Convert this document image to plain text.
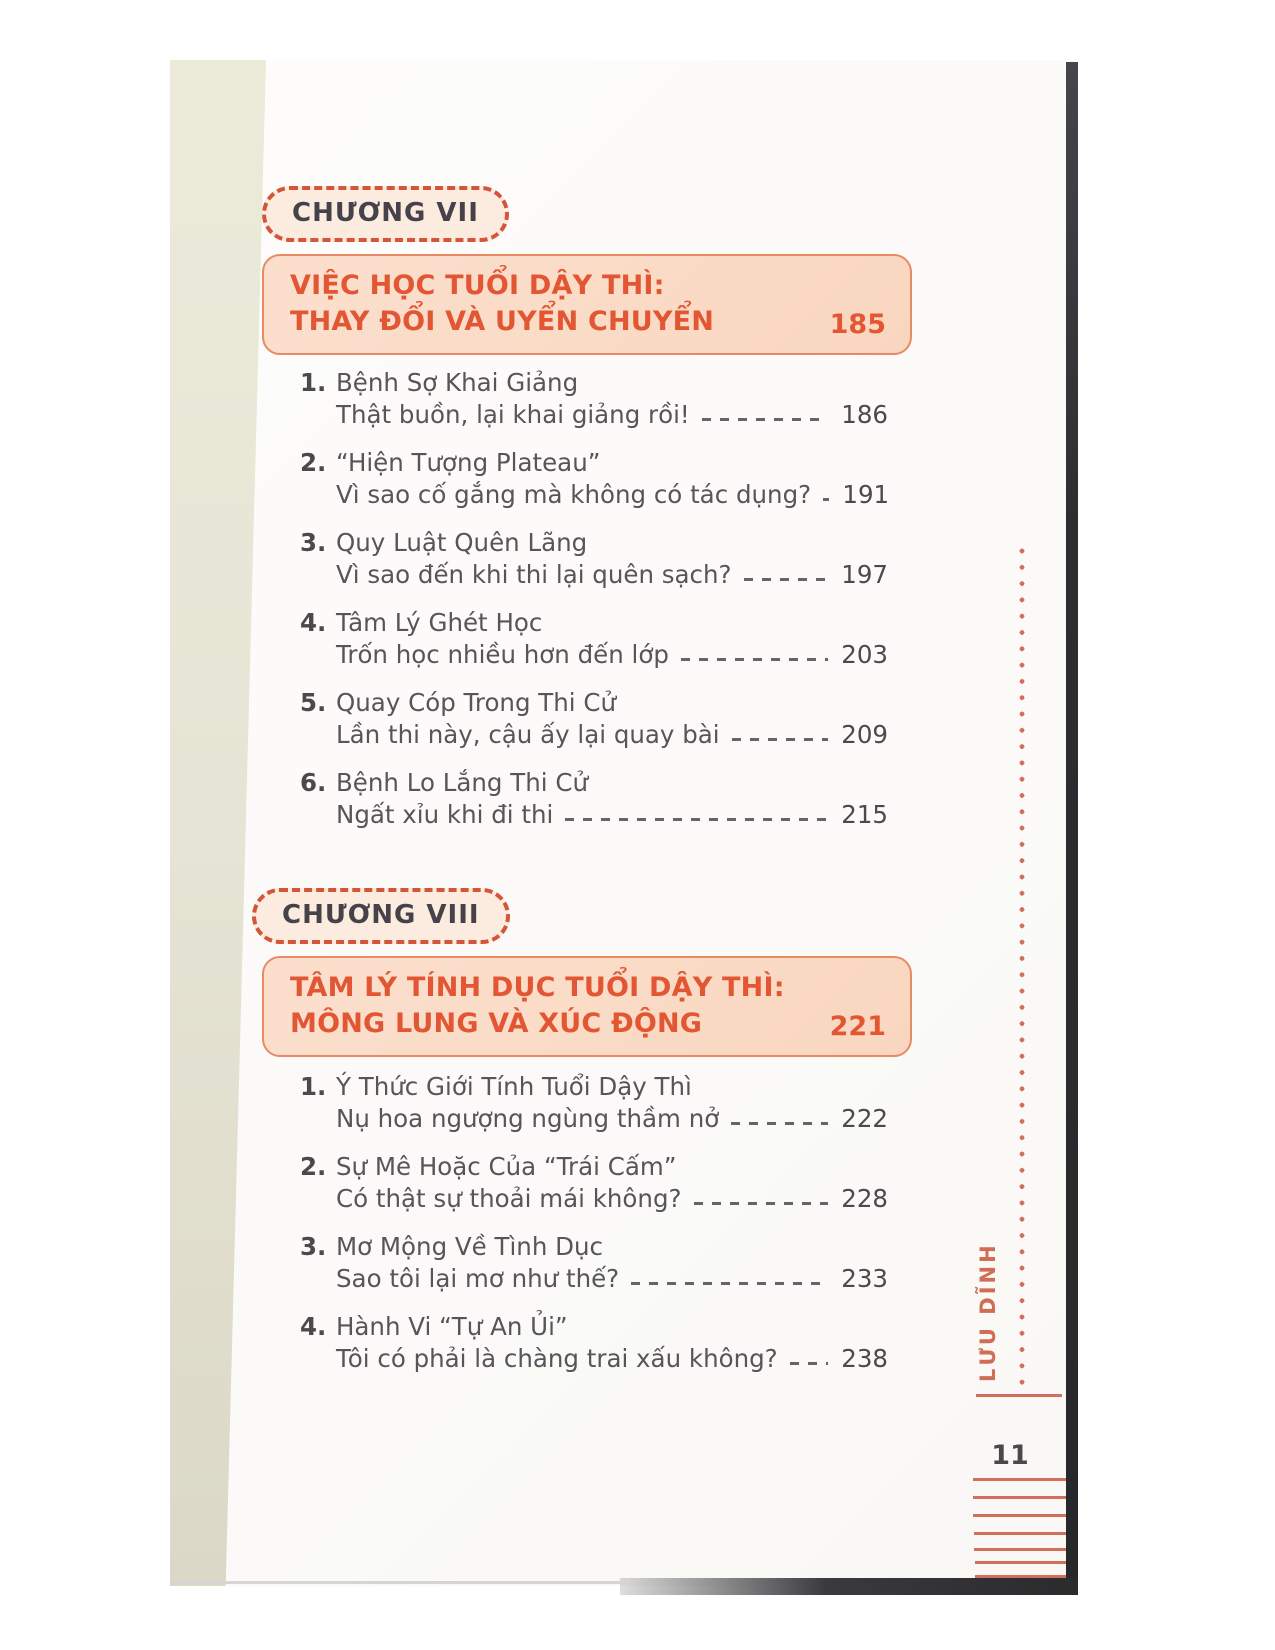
CHƯƠNG VII
VIỆC HỌC TUỔI DẬY THÌ:
THAY ĐỔI VÀ UYỂN CHUYỂN	185
1. Bệnh Sợ Khai Giảng
Thật buồn, lại khai giảng rồi!	186
2. “Hiện Tượng Plateau”
Vì sao cố gắng mà không có tác dụng? 191
3. Quy Luật Quên Lãng
Vì sao đến khi thi lại quên sạch?	197
4. Tâm Lý Ghét Học
Trốn học nhiều hơn đến lớp	203
5. Quay Cóp Trong Thi Cử
Lần thi này, cậu ấy lại quay bài	209
6. Bệnh Lo Lắng Thi Cử
Ngất xỉu khi đi thi	215
CHƯƠNG VIII
TÂM LÝ TÍNH DỤC TUỔI DẬY THÌ:
MÔNG LUNG VÀ XÚC ĐỘNG	221
1. Ý Thức Giới Tính Tuổi Dậy Thì
Nụ hoa ngượng ngùng thầm nở	222
2. Sự Mê Hoặc Của “Trái Cấm”
Có thật sự thoải mái không?	228
3. Mơ Mộng Về Tình Dục
Sao tôi lại mơ như thế?	233
4. Hành Vi “Tự An Ủi”
Tôi có phải là chàng trai xấu không?	238	LƯU DĨNH
11
